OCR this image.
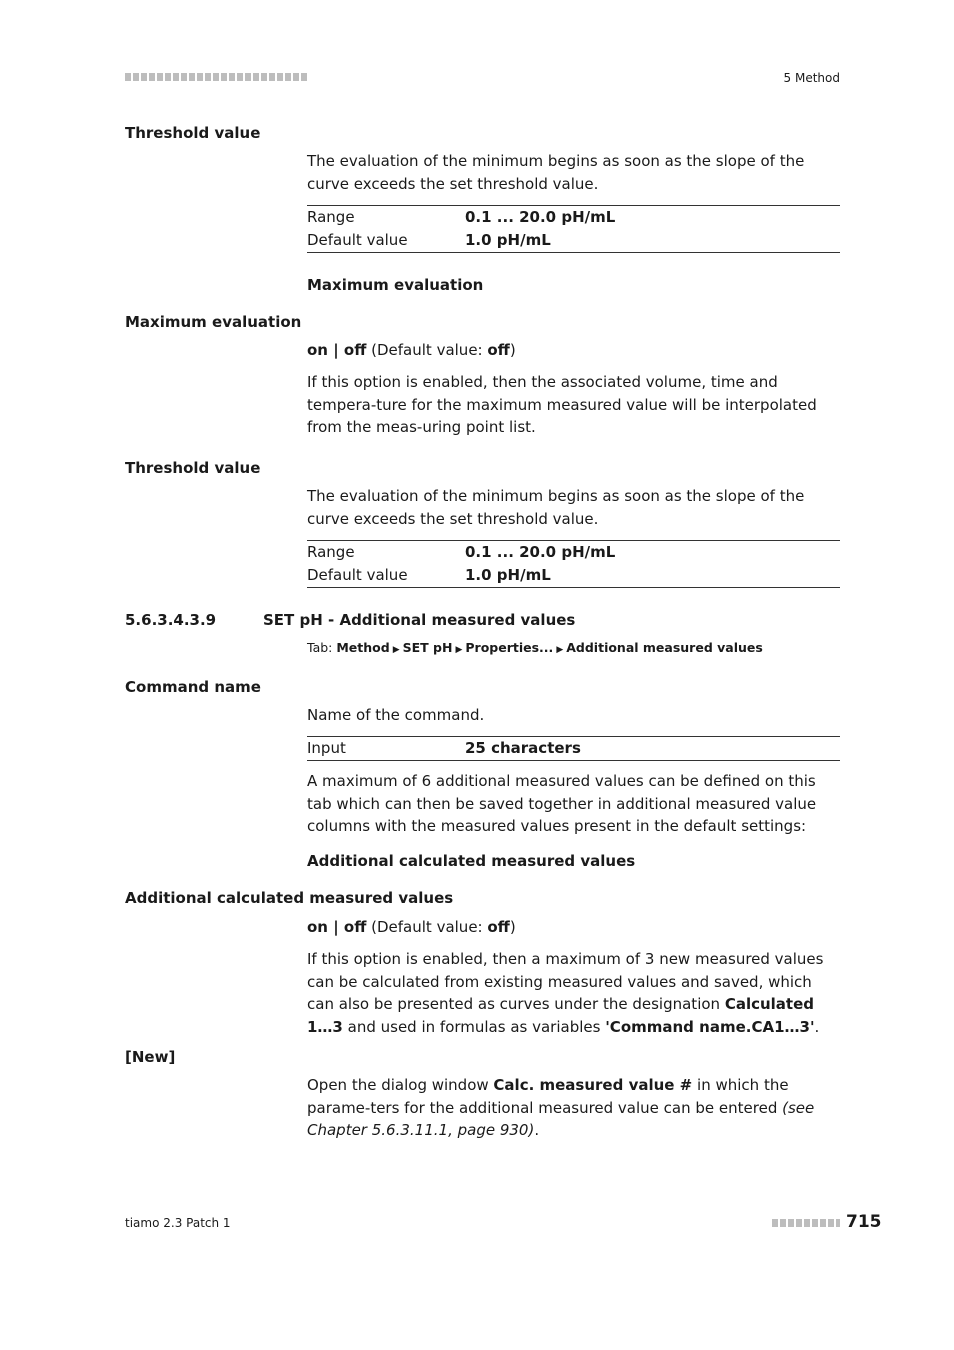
5 Method
Threshold value
The evaluation of the minimum begins as soon as the slope of the curve exceeds the set threshold value.
Range	0.1 ... 20.0 pH/mL
Default value	1.0 pH/mL
Maximum evaluation
Maximum evaluation
on | off (Default value: off)
If this option is enabled, then the associated volume, time and tempera-ture for the maximum measured value will be interpolated from the meas-uring point list.
Threshold value
The evaluation of the minimum begins as soon as the slope of the curve exceeds the set threshold value.
Range	0.1 ... 20.0 pH/mL
Default value	1.0 pH/mL
5.6.3.4.3.9	SET pH - Additional measured values
Tab: Method ▶ SET pH ▶ Properties... ▶ Additional measured values
Command name
Name of the command.
Input	25 characters
A maximum of 6 additional measured values can be defined on this tab which can then be saved together in additional measured value columns with the measured values present in the default settings:
Additional calculated measured values
Additional calculated measured values
on | off (Default value: off)
If this option is enabled, then a maximum of 3 new measured values can be calculated from existing measured values and saved, which can also be presented as curves under the designation Calculated 1…3 and used in formulas as variables 'Command name.CA1…3'.
[New]
Open the dialog window Calc. measured value # in which the parame-ters for the additional measured value can be entered (see Chapter 5.6.3.11.1, page 930).
tiamo 2.3 Patch 1	715
